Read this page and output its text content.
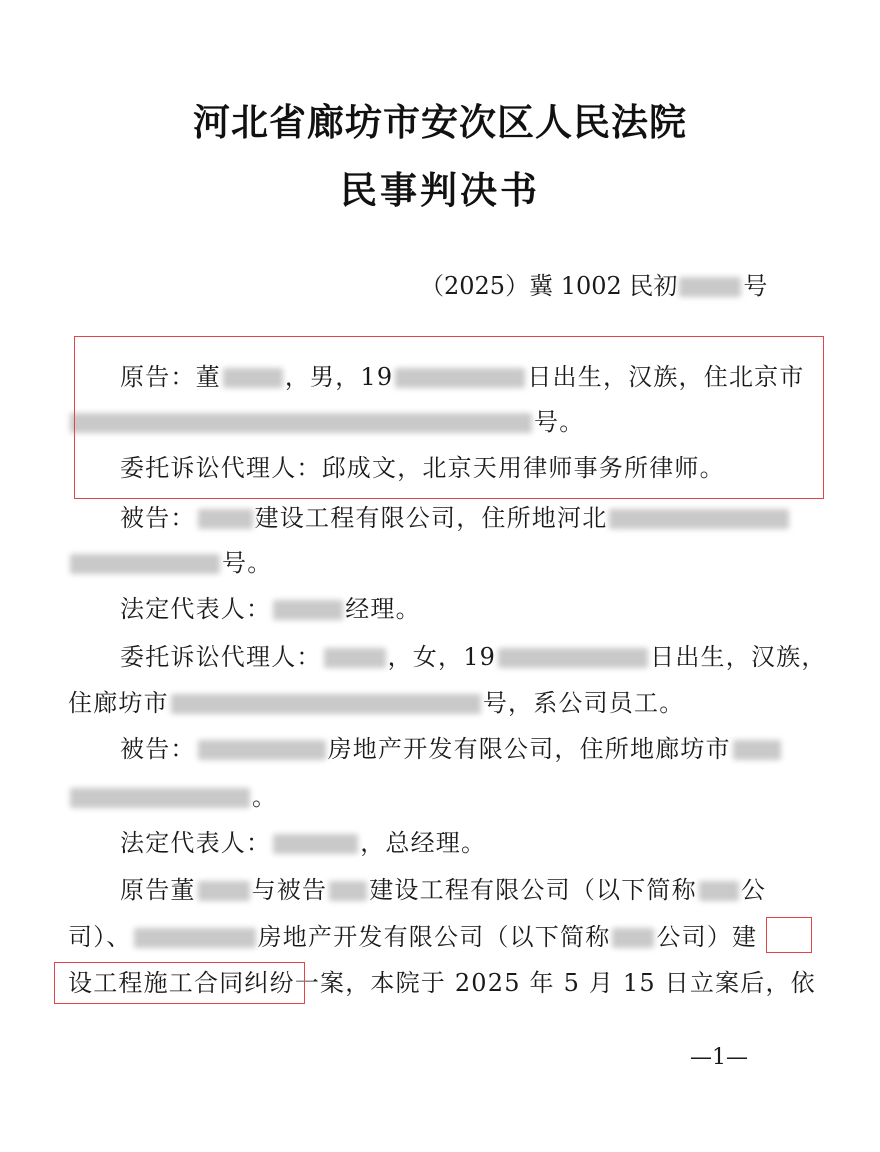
河北省廊坊市安次区人民法院
民事判决书
（2025）冀 1002 民初	号
原告：董	，男，19	日出生，汉族，住北京市
号。
委托诉讼代理人：邱成文，北京天用律师事务所律师。
被告： 建设工程有限公司，住所地河北
号。
法定代表人：	经理。
委托诉讼代理人：	，女，19	日出生，汉族，
住廊坊市	号，系公司员工。
被告：	房地产开发有限公司，住所地廊坊市
。
法定代表人：	，总经理。
原告董 与被告 建设工程有限公司（以下简称 公
司）、	房地产开发有限公司（以下简称 公司）建
设工程施工合同纠纷一案，本院于 2025 年 5 月 15 日立案后，依
—1—
